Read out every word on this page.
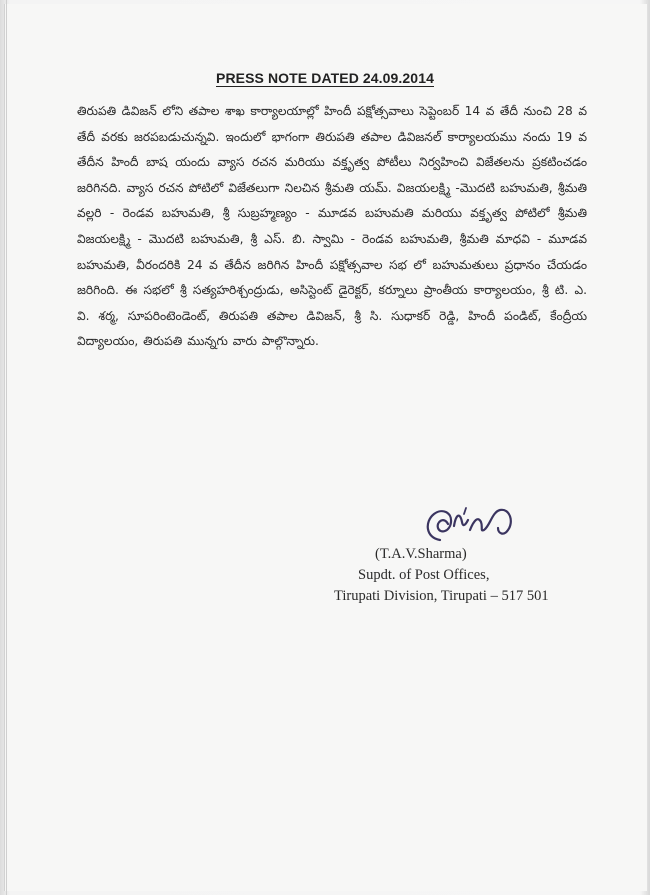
PRESS NOTE DATED 24.09.2014

తిరుపతి డివిజన్ లోని తపాల శాఖ కార్యాలయాల్లో హిందీ పక్షోత్సవాలు సెప్టెంబర్ 14 వ తేదీ నుంచి 28 వ తేదీ వరకు జరపబడుచున్నవి. ఇందులో భాగంగా తిరుపతి తపాల డివిజనల్ కార్యాలయము నందు 19 వ తేదీన హిందీ బాష యందు వ్యాస రచన మరియు వక్తృత్వ పోటీలు నిర్వహించి విజేతలను ప్రకటించడం జరిగినది. వ్యాస రచన పోటిలో విజేతలుగా నిలచిన శ్రీమతి యమ్. విజయలక్ష్మి -మొదటి బహుమతి, శ్రీమతి వల్లరి - రెండవ బహుమతి, శ్రీ సుబ్రహ్మణ్యం - మూడవ బహుమతి మరియు వక్తృత్వ పోటిలో శ్రీమతి విజయలక్ష్మి - మొదటి బహుమతి, శ్రీ ఎస్. బి. స్వామి - రెండవ బహుమతి, శ్రీమతి మాధవి - మూడవ బహుమతి, వీరందరికి 24 వ తేదీన జరిగిన హిందీ పక్షోత్సవాల సభ లో బహుమతులు ప్రధానం చేయడం జరిగింది. ఈ సభలో శ్రీ సత్యహరిశ్చంద్రుడు, అసిస్టెంట్ డైరెక్టర్, కర్నూలు ప్రాంతీయ కార్యాలయం, శ్రీ టి. ఎ. వి. శర్మ, సూపరింటెండెంట్, తిరుపతి తపాల డివిజన్, శ్రీ సి. సుధాకర్ రెడ్డి, హిందీ పండిట్, కేంద్రీయ విద్యాలయం, తిరుపతి మున్నగు వారు పాల్గొన్నారు.

(T.A.V.Sharma)
Supdt. of Post Offices,
Tirupati Division, Tirupati – 517 501
